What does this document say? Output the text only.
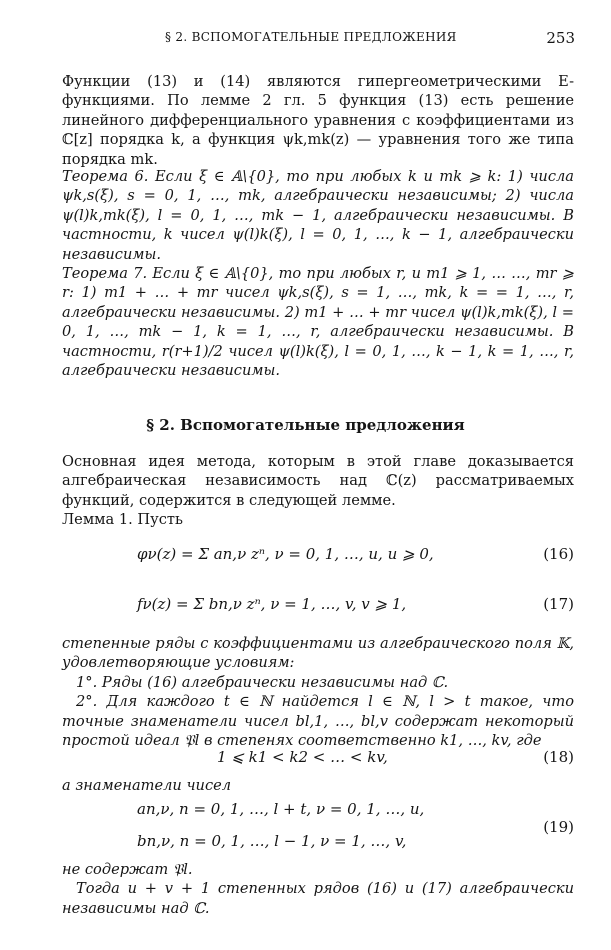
§ 2. ВСПОМОГАТЕЛЬНЫЕ ПРЕДЛОЖЕНИЯ	253

Функции (13) и (14) являются гипергеометрическими E-функциями. По лемме 2 гл. 5 функция (13) есть решение линейного дифференциального уравнения с коэффициентами из ℂ[z] порядка k, а функция ψk,mk(z) — уравнения того же типа порядка mk.

Теорема 6. Если ξ ∈ 𝔸\{0}, то при любых k и mk ⩾ k: 1) числа ψk,s(ξ), s = 0, 1, …, mk, алгебраически независимы; 2) числа ψ(l)k,mk(ξ), l = 0, 1, …, mk − 1, алгебраически независимы. В частности, k чисел ψ(l)k(ξ), l = 0, 1, …, k − 1, алгебраически независимы.

Теорема 7. Если ξ ∈ 𝔸\{0}, то при любых r, и m1 ⩾ 1, … …, mr ⩾ r: 1) m1 + … + mr чисел ψk,s(ξ), s = 1, …, mk, k = = 1, …, r, алгебраически независимы. 2) m1 + … + mr чисел ψ(l)k,mk(ξ), l = 0, 1, …, mk − 1, k = 1, …, r, алгебраически независимы. В частности, r(r+1)/2 чисел ψ(l)k(ξ), l = 0, 1, …, k − 1, k = 1, …, r, алгебраически независимы.

§ 2. Вспомогательные предложения

Основная идея метода, которым в этой главе доказывается алгебраическая независимость над ℂ(z) рассматриваемых функций, содержится в следующей лемме.

Лемма 1. Пусть

φν(z) = Σ an,ν zⁿ, ν = 0, 1, …, u, u ⩾ 0,	(16)
fν(z) = Σ bn,ν zⁿ, ν = 1, …, v, v ⩾ 1,	(17)

степенные ряды с коэффициентами из алгебраического поля 𝕂, удовлетворяющие условиям:

1°. Ряды (16) алгебраически независимы над ℂ.

2°. Для каждого t ∈ ℕ найдется l ∈ ℕ, l > t такое, что точные знаменатели чисел bl,1, …, bl,v содержат некоторый простой идеал 𝔓l в степенях соответственно k1, …, kv, где

1 ⩽ k1 < k2 < … < kv,	(18)

а знаменатели чисел

an,ν, n = 0, 1, …, l + t, ν = 0, 1, …, u,
bn,ν, n = 0, 1, …, l − 1, ν = 1, …, v,
(19)

не содержат 𝔓l.

Тогда u + v + 1 степенных рядов (16) и (17) алгебраически независимы над ℂ.
